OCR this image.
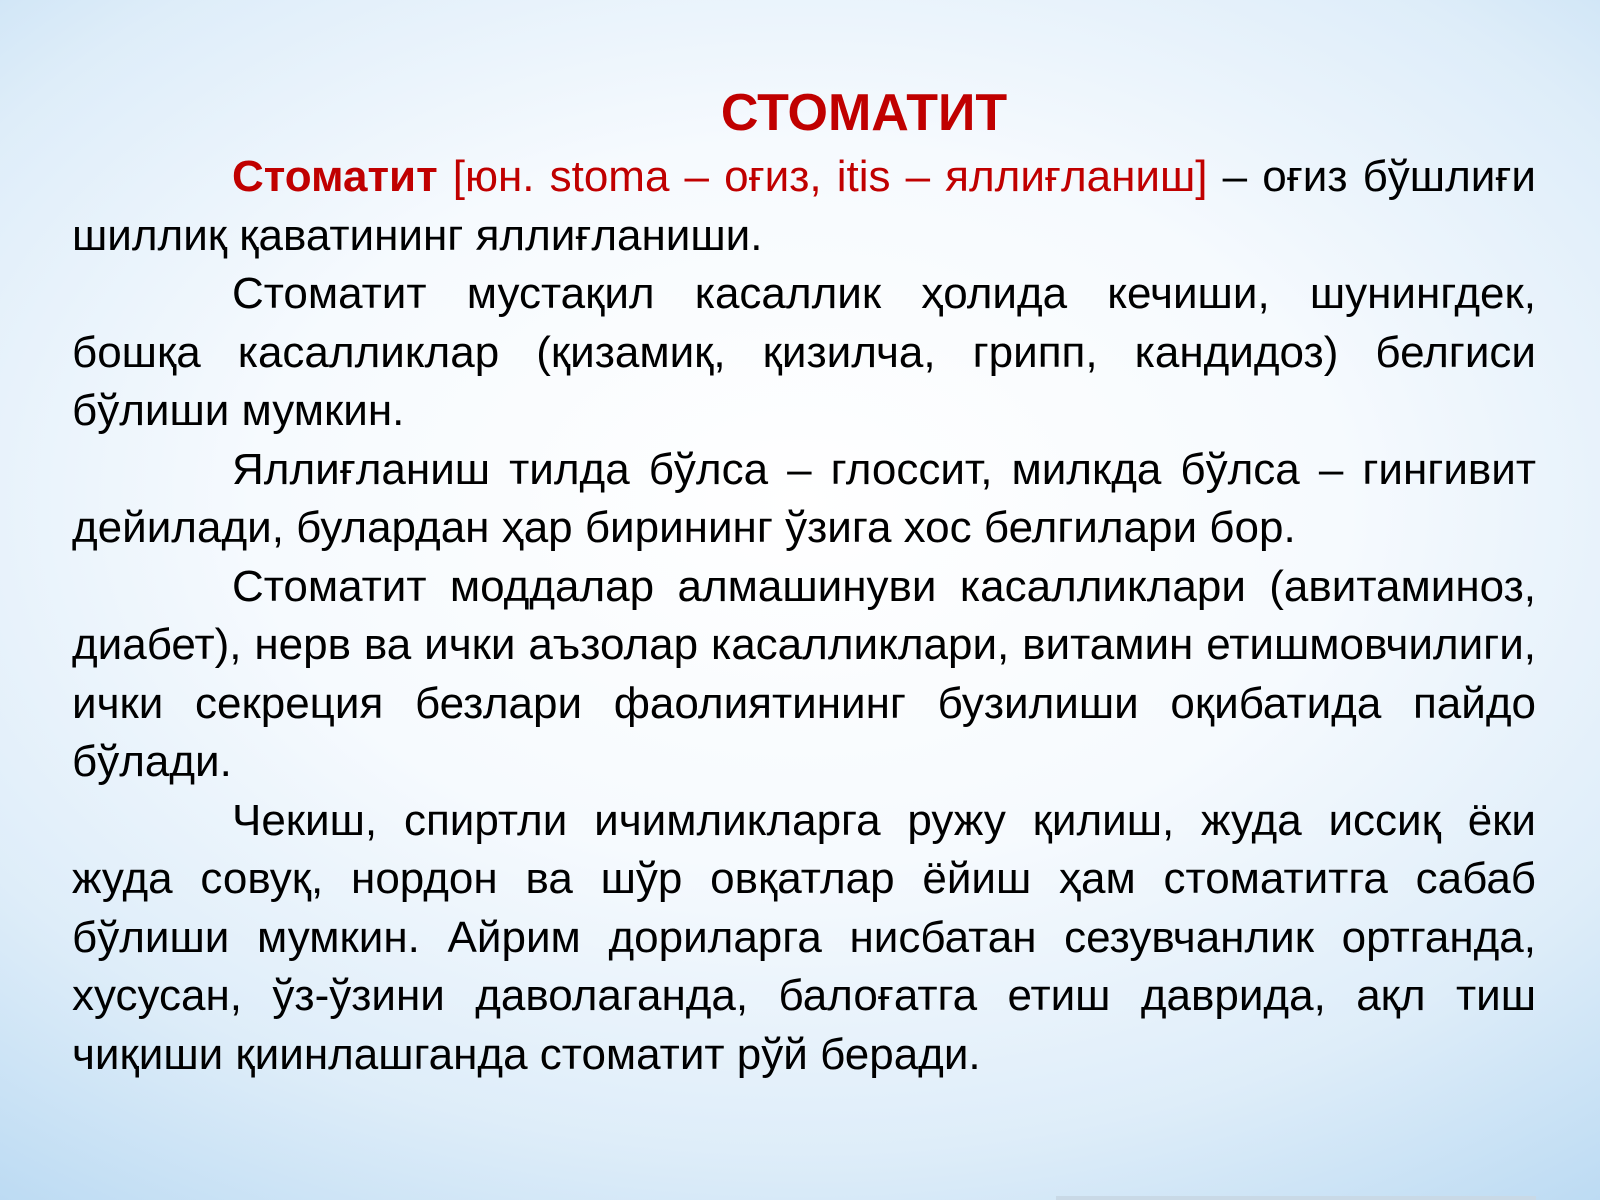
СТОМАТИТ

Стоматит [юн. stoma – оғиз, itis – яллиғланиш] – оғиз бўшлиғи шиллиқ қаватининг яллиғланиши.

Стоматит мустақил касаллик ҳолида кечиши, шунингдек, бошқа касалликлар (қизамиқ, қизилча, грипп, кандидоз) белгиси бўлиши мумкин.

Яллиғланиш тилда бўлса – глоссит, милкда бўлса – гингивит дейилади, булардан ҳар бирининг ўзига хос белгилари бор.

Стоматит моддалар алмашинуви касалликлари (авитаминоз, диабет), нерв ва ички аъзолар касалликлари, витамин етишмовчилиги, ички секреция безлари фаолиятининг бузилиши оқибатида пайдо бўлади.

Чекиш, спиртли ичимликларга ружу қилиш, жуда иссиқ ёки жуда совуқ, нордон ва шўр овқатлар ёйиш ҳам стоматитга сабаб бўлиши мумкин. Айрим дориларга нисбатан сезувчанлик ортганда, хусусан, ўз-ўзини даволаганда, балоғатга етиш даврида, ақл тиш чиқиши қиинлашганда стоматит рўй беради.
